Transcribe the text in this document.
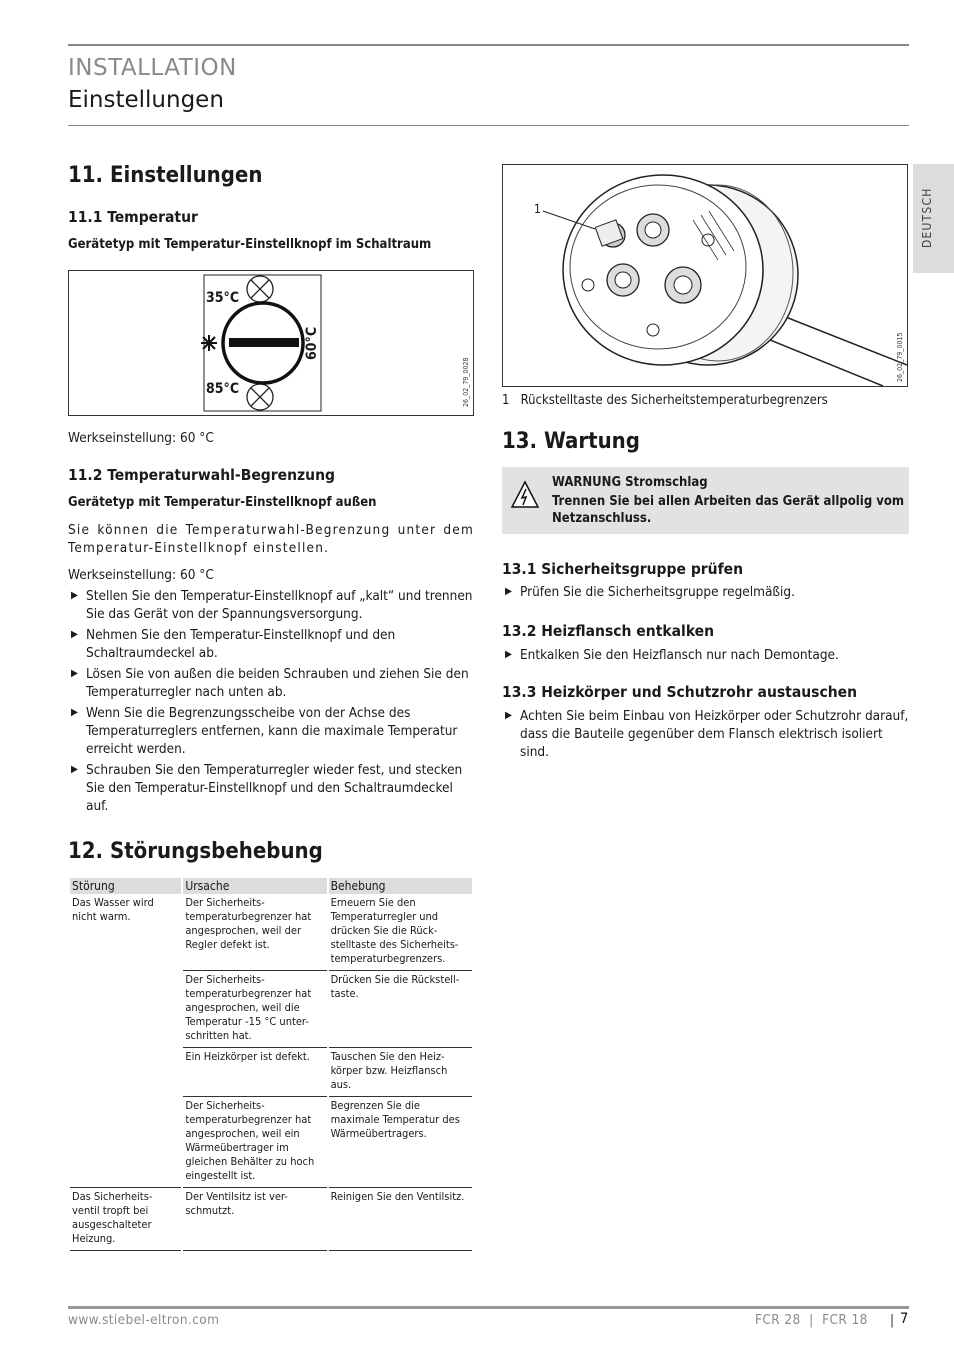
INSTALLATION
Einstellungen
DEUTSCH
11. Einstellungen
11.1 Temperatur
Gerätetyp mit Temperatur-Einstellknopf im Schaltraum
35°C
85°C
60°C
26_02_79_0028
Werkseinstellung: 60 °C
11.2 Temperaturwahl-Begrenzung
Gerätetyp mit Temperatur-Einstellknopf außen
Sie können die Temperaturwahl-Begrenzung unter dem Temperatur-Einstellknopf einstellen.
Werkseinstellung: 60 °C
▶ Stellen Sie den Temperatur-Einstellknopf auf „kalt“ und trennen Sie das Gerät von der Spannungsversorgung.
▶ Nehmen Sie den Temperatur-Einstellknopf und den Schaltraumdeckel ab.
▶ Lösen Sie von außen die beiden Schrauben und ziehen Sie den Temperaturregler nach unten ab.
▶ Wenn Sie die Begrenzungsscheibe von der Achse des Temperaturreglers entfernen, kann die maximale Temperatur erreicht werden.
▶ Schrauben Sie den Temperaturregler wieder fest, und stecken Sie den Temperatur-Einstellknopf und den Schaltraumdeckel auf.
12. Störungsbehebung
Störung	Ursache	Behebung
Das Wasser wird nicht warm.	Der Sicherheits-temperaturbegrenzer hat angesprochen, weil der Regler defekt ist.	Erneuern Sie den Temperaturregler und drücken Sie die Rück-stelltaste des Sicherheits-temperaturbegrenzers.
	Der Sicherheits-temperaturbegrenzer hat angesprochen, weil die Temperatur -15 °C unter-schritten hat.	Drücken Sie die Rückstell-taste.
	Ein Heizkörper ist defekt.	Tauschen Sie den Heiz-körper bzw. Heizflansch aus.
	Der Sicherheits-temperaturbegrenzer hat angesprochen, weil ein Wärmeübertrager im gleichen Behälter zu hoch eingestellt ist.	Begrenzen Sie die maximale Temperatur des Wärmeübertragers.
Das Sicherheits-ventil tropft bei ausgeschalteter Heizung.	Der Ventilsitz ist ver-schmutzt.	Reinigen Sie den Ventilsitz.
1
26_02_79_0015
1 Rückstelltaste des Sicherheitstemperaturbegrenzers
13. Wartung
WARNUNG Stromschlag
Trennen Sie bei allen Arbeiten das Gerät allpolig vom Netzanschluss.
13.1 Sicherheitsgruppe prüfen
▶ Prüfen Sie die Sicherheitsgruppe regelmäßig.
13.2 Heizflansch entkalken
▶ Entkalken Sie den Heizflansch nur nach Demontage.
13.3 Heizkörper und Schutzrohr austauschen
▶ Achten Sie beim Einbau von Heizkörper oder Schutzrohr darauf, dass die Bauteile gegenüber dem Flansch elektrisch isoliert sind.
www.stiebel-eltron.com	FCR 28  |  FCR 18 | 7
